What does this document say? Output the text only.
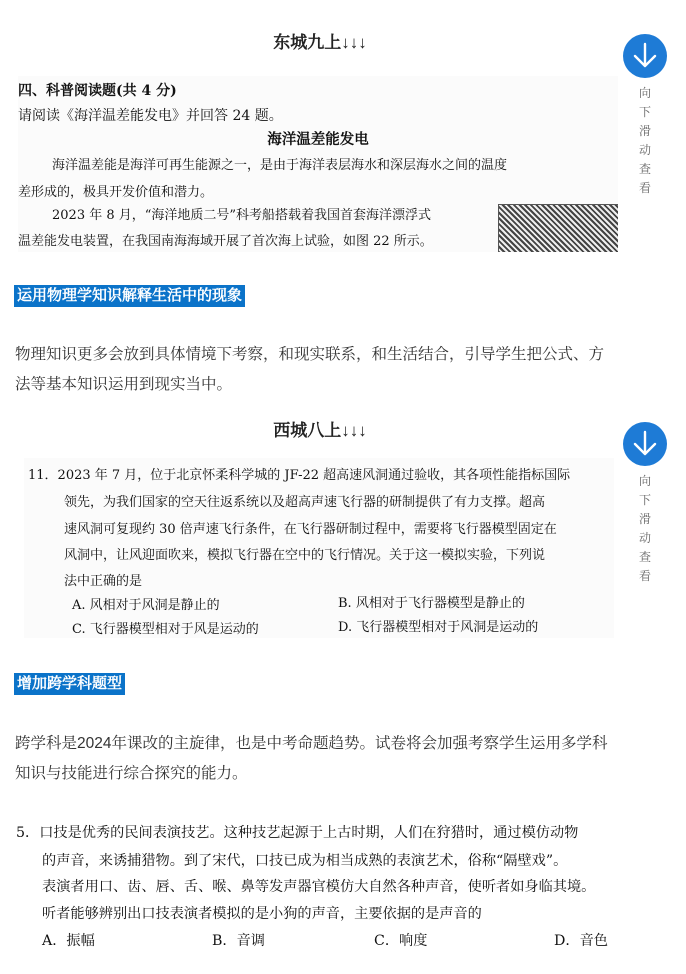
东城九上↓↓↓
向
下
滑
动
查
看
四、科普阅读题(共 4 分)
请阅读《海洋温差能发电》并回答 24 题。
海洋温差能发电
海洋温差能是海洋可再生能源之一，是由于海洋表层海水和深层海水之间的温度
差形成的，极具开发价值和潜力。
2023 年 8 月，“海洋地质二号”科考船搭载着我国首套海洋漂浮式
温差能发电装置，在我国南海海域开展了首次海上试验，如图 22 所示。
运用物理学知识解释生活中的现象
物理知识更多会放到具体情境下考察，和现实联系，和生活结合，引导学生把公式、方
法等基本知识运用到现实当中。
西城八上↓↓↓
向
下
滑
动
查
看
11．2023 年 7 月，位于北京怀柔科学城的 JF-22 超高速风洞通过验收，其各项性能指标国际
领先，为我们国家的空天往返系统以及超高声速飞行器的研制提供了有力支撑。超高
速风洞可复现约 30 倍声速飞行条件，在飞行器研制过程中，需要将飞行器模型固定在
风洞中，让风迎面吹来，模拟飞行器在空中的飞行情况。关于这一模拟实验，下列说
法中正确的是
A. 风相对于风洞是静止的	B. 风相对于飞行器模型是静止的
C. 飞行器模型相对于风是运动的	D. 飞行器模型相对于风洞是运动的
增加跨学科题型
跨学科是2024年课改的主旋律，也是中考命题趋势。试卷将会加强考察学生运用多学科
知识与技能进行综合探究的能力。
5．口技是优秀的民间表演技艺。这种技艺起源于上古时期，人们在狩猎时，通过模仿动物
的声音，来诱捕猎物。到了宋代，口技已成为相当成熟的表演艺术，俗称“隔壁戏”。
表演者用口、齿、唇、舌、喉、鼻等发声器官模仿大自然各种声音，使听者如身临其境。
听者能够辨别出口技表演者模拟的是小狗的声音，主要依据的是声音的
A．振幅	B．音调	C．响度	D．音色
